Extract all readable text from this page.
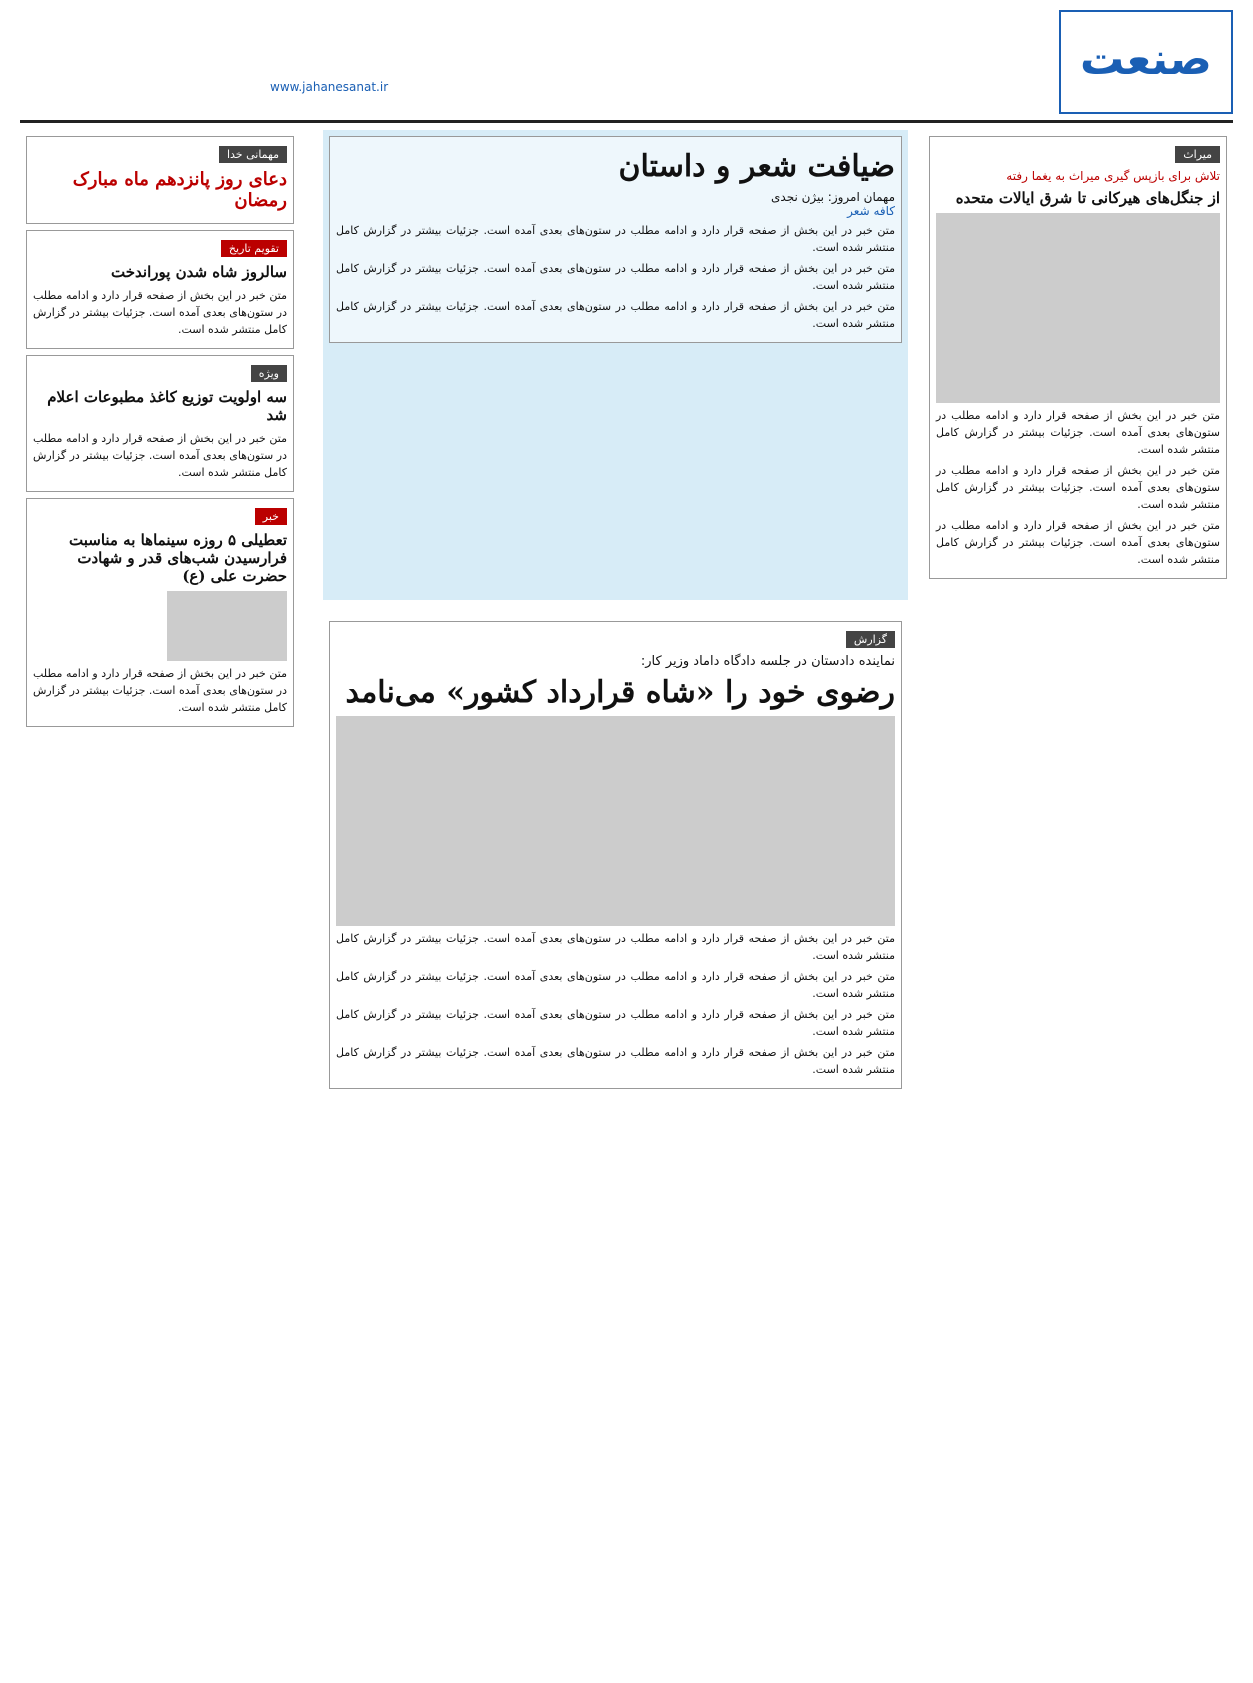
صنعت
www.jahanesanat.ir
میراث
تلاش برای بازپس گیری میراث به یغما رفته
از جنگل‌های هیرکانی تا شرق ایالات متحده

متن خبر در این بخش از صفحه قرار دارد و ادامه مطلب در ستون‌های بعدی آمده است. جزئیات بیشتر در گزارش کامل منتشر شده است.

متن خبر در این بخش از صفحه قرار دارد و ادامه مطلب در ستون‌های بعدی آمده است. جزئیات بیشتر در گزارش کامل منتشر شده است.

متن خبر در این بخش از صفحه قرار دارد و ادامه مطلب در ستون‌های بعدی آمده است. جزئیات بیشتر در گزارش کامل منتشر شده است.

ضیافت شعر و داستان
مهمان امروز: بیژن نجدی
کافه شعر

متن خبر در این بخش از صفحه قرار دارد و ادامه مطلب در ستون‌های بعدی آمده است. جزئیات بیشتر در گزارش کامل منتشر شده است.

متن خبر در این بخش از صفحه قرار دارد و ادامه مطلب در ستون‌های بعدی آمده است. جزئیات بیشتر در گزارش کامل منتشر شده است.

متن خبر در این بخش از صفحه قرار دارد و ادامه مطلب در ستون‌های بعدی آمده است. جزئیات بیشتر در گزارش کامل منتشر شده است.

گزارش
نماینده دادستان در جلسه دادگاه داماد وزیر کار:
رضوی خود را «شاه قرارداد کشور» می‌نامد

متن خبر در این بخش از صفحه قرار دارد و ادامه مطلب در ستون‌های بعدی آمده است. جزئیات بیشتر در گزارش کامل منتشر شده است.

متن خبر در این بخش از صفحه قرار دارد و ادامه مطلب در ستون‌های بعدی آمده است. جزئیات بیشتر در گزارش کامل منتشر شده است.

متن خبر در این بخش از صفحه قرار دارد و ادامه مطلب در ستون‌های بعدی آمده است. جزئیات بیشتر در گزارش کامل منتشر شده است.

متن خبر در این بخش از صفحه قرار دارد و ادامه مطلب در ستون‌های بعدی آمده است. جزئیات بیشتر در گزارش کامل منتشر شده است.

مهمانی خدا
دعای روز پانزدهم ماه مبارک رمضان
تقویم تاریخ
سالروز شاه شدن پوراندخت

متن خبر در این بخش از صفحه قرار دارد و ادامه مطلب در ستون‌های بعدی آمده است. جزئیات بیشتر در گزارش کامل منتشر شده است.

ویژه
سه اولویت توزیع کاغذ مطبوعات اعلام شد

متن خبر در این بخش از صفحه قرار دارد و ادامه مطلب در ستون‌های بعدی آمده است. جزئیات بیشتر در گزارش کامل منتشر شده است.

خبر
تعطیلی ۵ روزه سینماها به مناسبت فرارسیدن شب‌های قدر و شهادت حضرت علی (ع)

متن خبر در این بخش از صفحه قرار دارد و ادامه مطلب در ستون‌های بعدی آمده است. جزئیات بیشتر در گزارش کامل منتشر شده است.
